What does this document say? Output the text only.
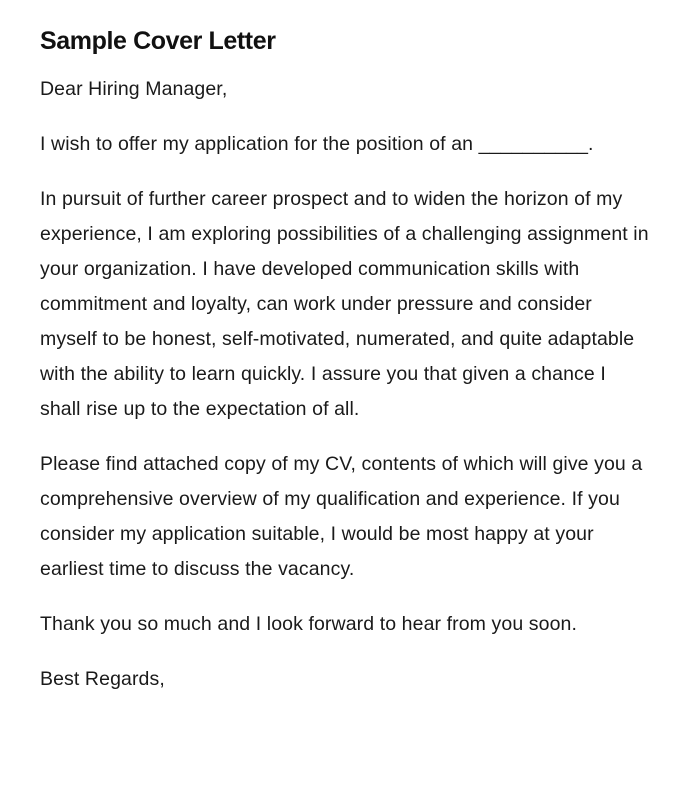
Sample Cover Letter

Dear Hiring Manager,

I wish to offer my application for the position of an __________.

In pursuit of further career prospect and to widen the horizon of my experience, I am exploring possibilities of a challenging assignment in your organization. I have developed communication skills with commitment and loyalty, can work under pressure and consider myself to be honest, self-motivated, numerated, and quite adaptable with the ability to learn quickly. I assure you that given a chance I shall rise up to the expectation of all.

Please find attached copy of my CV, contents of which will give you a comprehensive overview of my qualification and experience. If you consider my application suitable, I would be most happy at your earliest time to discuss the vacancy.

Thank you so much and I look forward to hear from you soon.

Best Regards,
